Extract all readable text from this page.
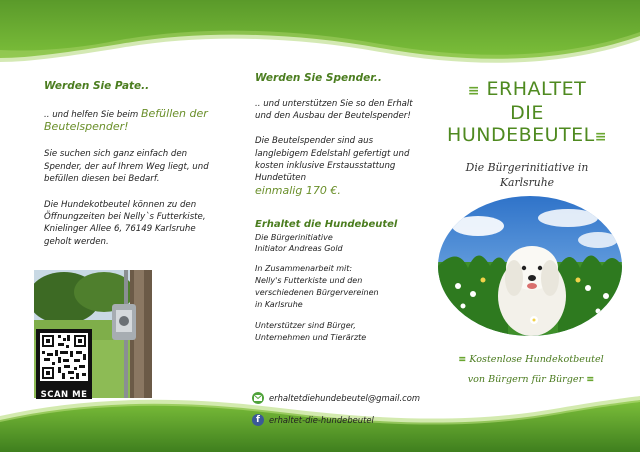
Werden Sie Pate..

.. und helfen Sie beim Befüllen der Beutelspender!

Sie suchen sich ganz einfach den Spender, der auf Ihrem Weg liegt, und befüllen diesen bei Bedarf.

Die Hundekotbeutel können zu den Öffnungzeiten bei Nelly`s Futterkiste, Knielinger Allee 6, 76149 Karlsruhe geholt werden.

SCAN ME
Werden Sie Spender..

.. und unterstützen Sie so den Erhalt und den Ausbau der Beutelspender!

Die Beutelspender sind aus langlebigem Edelstahl gefertigt und kosten inklusive Erstausstattung Hundetüten

einmalig 170 €.
Erhaltet die Hundebeutel

Die Bürgerinitiative

Initiator Andreas Gold

In Zusammenarbeit mit: Nelly's Futterkiste und den verschiedenen Bürgervereinen in Karlsruhe

Unterstützer sind Bürger, Unternehmen und Tierärzte

erhaltetdiehundebeutel@gmail.com
f	erhaltet-die-hundebeutel
≡ ERHALTET
DIE
HUNDEBEUTEL≡
Die Bürgerinitiative in Karlsruhe
≡ Kostenlose Hundekotbeutel
von Bürgern für Bürger ≡
